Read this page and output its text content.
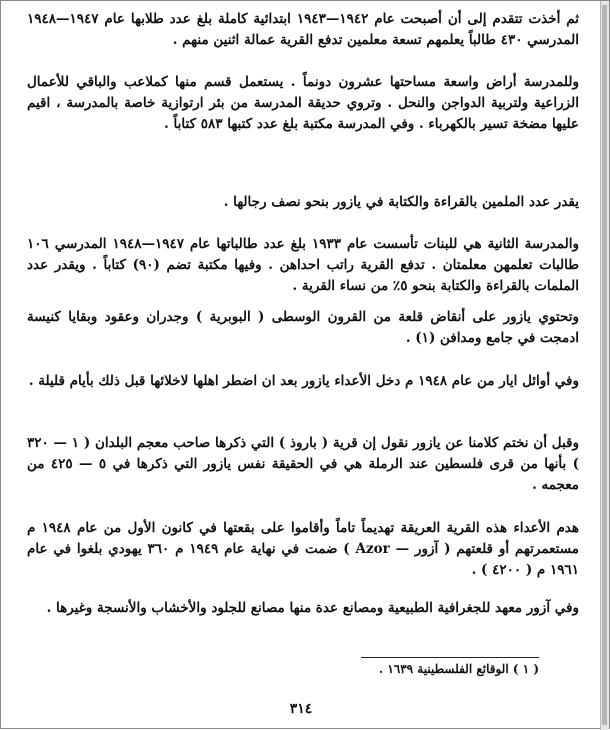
ثم أخذت تتقدم إلى أن أصبحت عام ١٩٤٢—١٩٤٣ ابتدائية كاملة بلغ عدد طلابها عام ١٩٤٧—١٩٤٨ المدرسي ٤٣٠ طالباً يعلمهم تسعة معلمين تدفع القرية عمالة اثنين منهم .

وللمدرسة أراض واسعة مساحتها عشرون دونماً . يستعمل قسم منها كملاعب والباقي للأعمال الزراعية ولتربية الدواجن والنحل . وتروي حديقة المدرسة من بئر ارتوازية خاصة بالمدرسة ، اقيم عليها مضخة تسير بالكهرباء . وفي المدرسة مكتبة بلغ عدد كتبها ٥٨٣ كتاباً .

يقدر عدد الملمين بالقراءة والكتابة في يازور بنحو نصف رجالها .

والمدرسة الثانية هي للبنات تأسست عام ١٩٣٣ بلغ عدد طالباتها عام ١٩٤٧—١٩٤٨ المدرسي ١٠٦ طالبات تعلمهن معلمتان . تدفع القرية راتب احداهن . وفيها مكتبة تضم (٩٠) كتاباً . ويقدر عدد الملمات بالقراءة والكتابة بنحو ٥٪ من نساء القرية .

وتحتوي يازور على أنقاض قلعة من القرون الوسطى ( البوبرية ) وجدران وعقود وبقايا كنيسة ادمجت في جامع ومدافن (١) .

وفي أوائل ايار من عام ١٩٤٨ م دخل الأعداء يازور بعد ان اضطر اهلها لاخلائها قبل ذلك بأيام قليلة .

وقبل أن نختم كلامنا عن يازور نقول إن قرية ( باروذ ) التي ذكرها صاحب معجم البلدان ( ١ — ٣٢٠ ) بأنها من قرى فلسطين عند الرملة هي في الحقيقة نفس يازور التي ذكرها في ٥ — ٤٢٥ من معجمه .

هدم الأعداء هذه القرية العريقة تهديماً تاماً وأقاموا على بقعتها في كانون الأول من عام ١٩٤٨ م مستعمرتهم أو قلعتهم ( آزور — Azor ) ضمت في نهاية عام ١٩٤٩ م ٣٦٠ يهودي بلغوا في عام ١٩٦١ م ( ٤٢٠٠ ) .

وفي آزور معهد للجغرافية الطبيعية ومصانع عدة منها مصانع للجلود والأخشاب والأنسجة وغيرها .

( ١ ) الوقائع الفلسطينية ١٦٣٩ .

٣١٤
